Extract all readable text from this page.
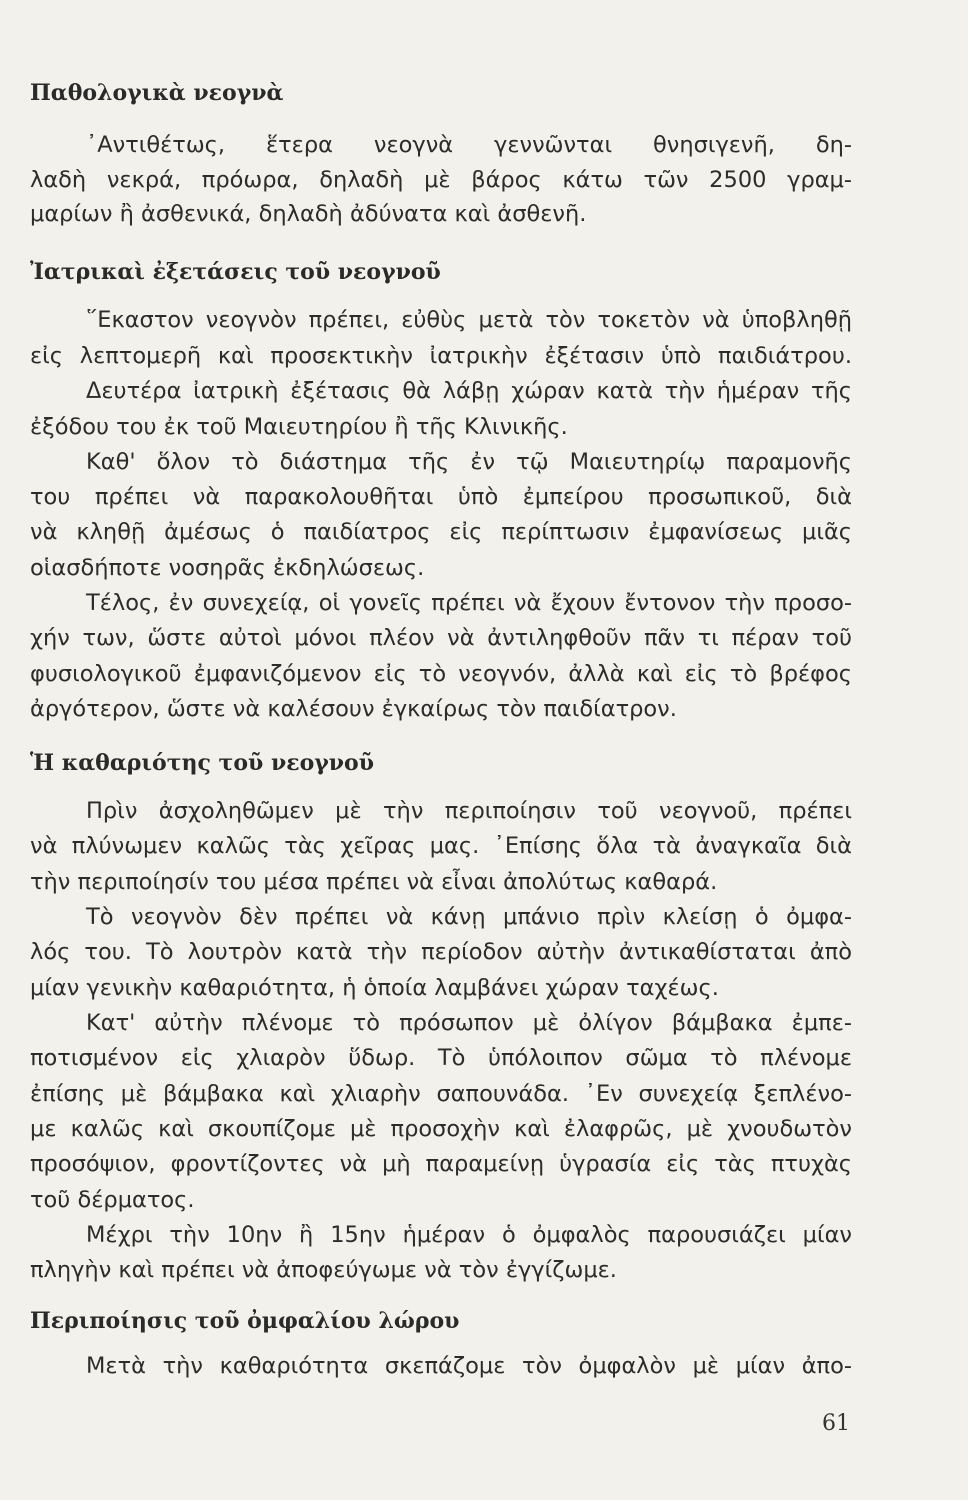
Παθολογικὰ νεογνὰ
᾿Αντιθέτως, ἕτερα νεογνὰ γεννῶνται θνησιγενῆ, δη-
λαδὴ νεκρά, πρόωρα, δηλαδὴ μὲ βάρος κάτω τῶν 2500 γραμ-
μαρίων ἢ ἀσθενικά, δηλαδὴ ἀδύνατα καὶ ἀσθενῆ.
Ἰατρικαὶ ἐξετάσεις τοῦ νεογνοῦ
῞Εκαστον νεογνὸν πρέπει, εὐθὺς μετὰ τὸν τοκετὸν νὰ ὑποβληθῇ
εἰς λεπτομερῆ καὶ προσεκτικὴν ἰατρικὴν ἐξέτασιν ὑπὸ παιδιάτρου.
Δευτέρα ἰατρικὴ ἐξέτασις θὰ λάβῃ χώραν κατὰ τὴν ἡμέραν τῆς
ἐξόδου του ἐκ τοῦ Μαιευτηρίου ἢ τῆς Κλινικῆς.
Καθ' ὅλον τὸ διάστημα τῆς ἐν τῷ Μαιευτηρίῳ παραμονῆς
του πρέπει νὰ παρακολουθῆται ὑπὸ ἐμπείρου προσωπικοῦ, διὰ
νὰ κληθῇ ἀμέσως ὁ παιδίατρος εἰς περίπτωσιν ἐμφανίσεως μιᾶς
οἱασδήποτε νοσηρᾶς ἐκδηλώσεως.
Τέλος, ἐν συνεχείᾳ, οἱ γονεῖς πρέπει νὰ ἔχουν ἔντονον τὴν προσο-
χήν των, ὥστε αὐτοὶ μόνοι πλέον νὰ ἀντιληφθοῦν πᾶν τι πέραν τοῦ
φυσιολογικοῦ ἐμφανιζόμενον εἰς τὸ νεογνόν, ἀλλὰ καὶ εἰς τὸ βρέφος
ἀργότερον, ὥστε νὰ καλέσουν ἐγκαίρως τὸν παιδίατρον.
Ἡ καθαριότης τοῦ νεογνοῦ
Πρὶν ἀσχοληθῶμεν μὲ τὴν περιποίησιν τοῦ νεογνοῦ, πρέπει
νὰ πλύνωμεν καλῶς τὰς χεῖρας μας. ᾿Επίσης ὅλα τὰ ἀναγκαῖα διὰ
τὴν περιποίησίν του μέσα πρέπει νὰ εἶναι ἀπολύτως καθαρά.
Τὸ νεογνὸν δὲν πρέπει νὰ κάνῃ μπάνιο πρὶν κλείσῃ ὁ ὀμφα-
λός του. Τὸ λουτρὸν κατὰ τὴν περίοδον αὐτὴν ἀντικαθίσταται ἀπὸ
μίαν γενικὴν καθαριότητα, ἡ ὁποία λαμβάνει χώραν ταχέως.
Κατ' αὐτὴν πλένομε τὸ πρόσωπον μὲ ὀλίγον βάμβακα ἐμπε-
ποτισμένον εἰς χλιαρὸν ὕδωρ. Τὸ ὑπόλοιπον σῶμα τὸ πλένομε
ἐπίσης μὲ βάμβακα καὶ χλιαρὴν σαπουνάδα. ᾿Εν συνεχείᾳ ξεπλένο-
με καλῶς καὶ σκουπίζομε μὲ προσοχὴν καὶ ἐλαφρῶς, μὲ χνουδωτὸν
προσόψιον, φροντίζοντες νὰ μὴ παραμείνῃ ὑγρασία εἰς τὰς πτυχὰς
τοῦ δέρματος.
Μέχρι τὴν 10ην ἢ 15ην ἡμέραν ὁ ὀμφαλὸς παρουσιάζει μίαν
πληγὴν καὶ πρέπει νὰ ἀποφεύγωμε νὰ τὸν ἐγγίζωμε.
Περιποίησις τοῦ ὀμφαλίου λώρου
Μετὰ τὴν καθαριότητα σκεπάζομε τὸν ὀμφαλὸν μὲ μίαν ἀπο-
61
